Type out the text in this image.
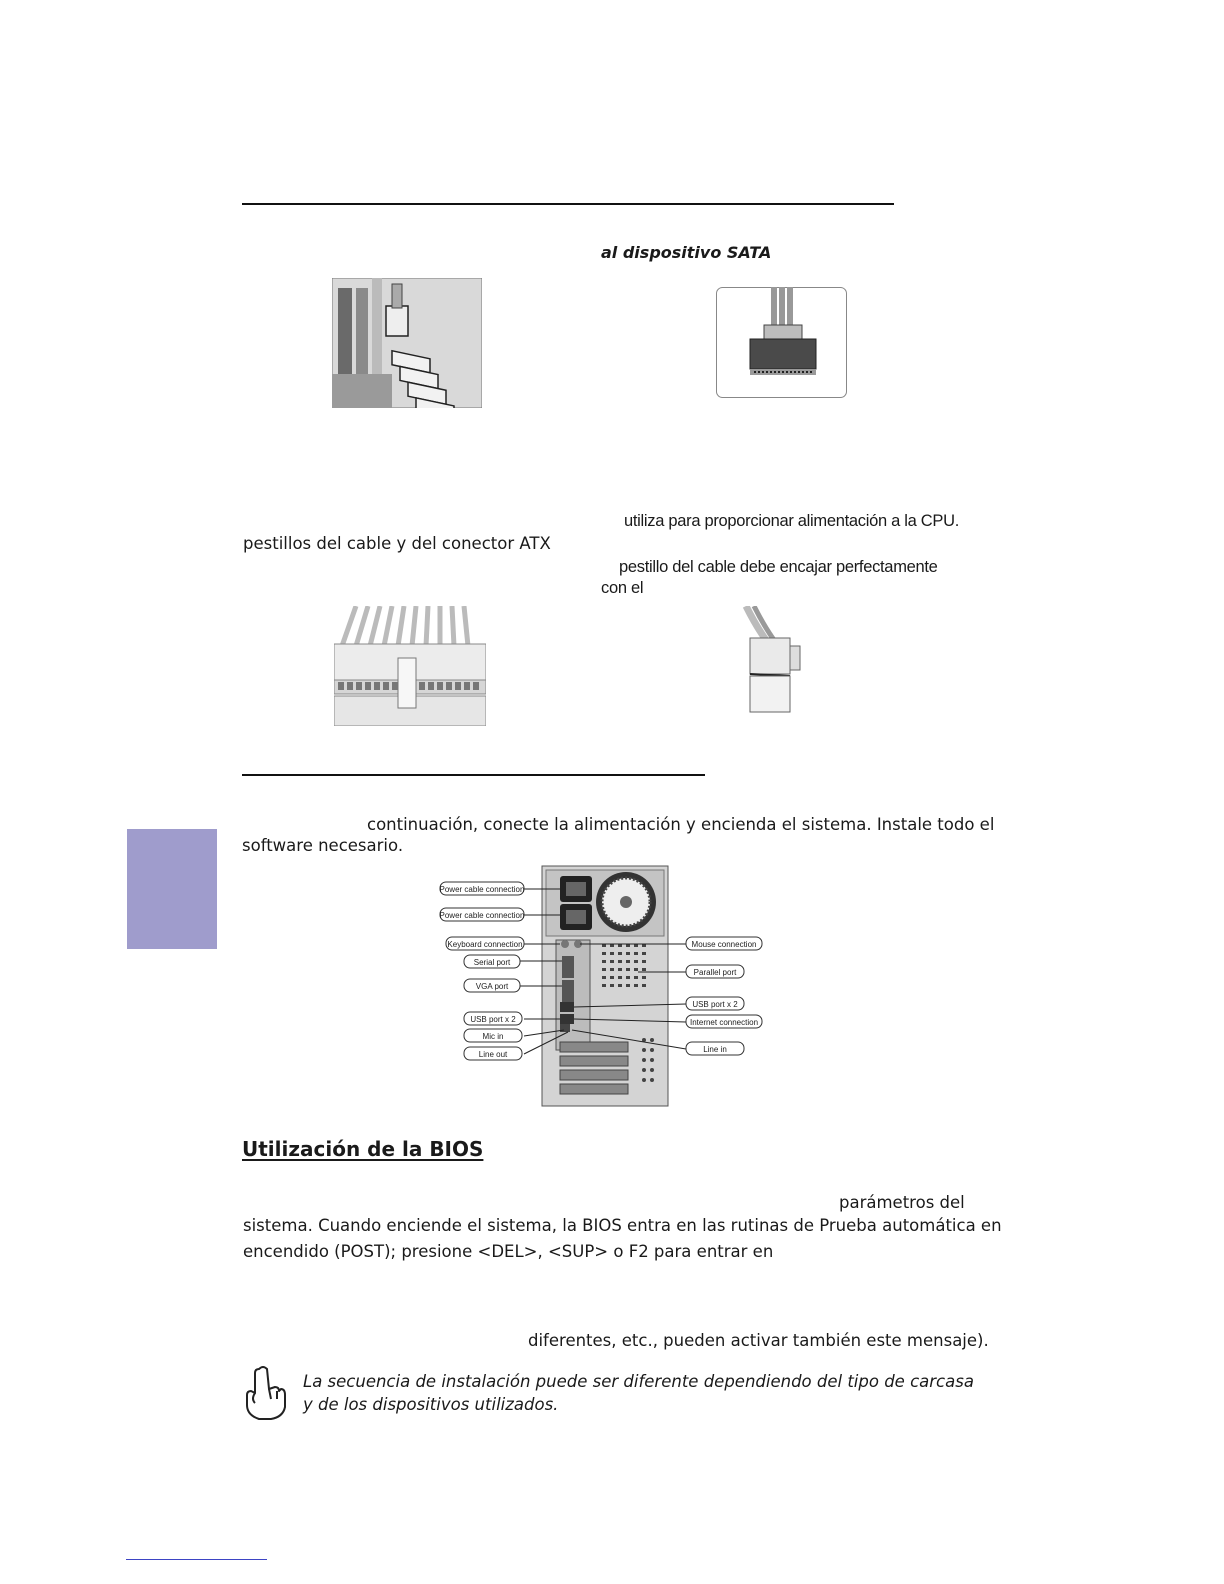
al dispositivo SATA
utiliza para proporcionar alimentación a la CPU.
pestillos del cable y del conector ATX
pestillo del cable debe encajar perfectamente
con el
continuación, conecte la alimentación y encienda el sistema. Instale todo el
software necesario.
Power cable connection
Power cable connection
Keyboard connection
Serial port
VGA port
USB port x 2
Mic in
Line out
Mouse connection
Parallel port
USB port x 2
Internet connection
Line in
Utilización de la BIOS
parámetros del
sistema. Cuando enciende el sistema, la BIOS entra en las rutinas de Prueba automática en
encendido (POST); presione <DEL>, <SUP> o F2 para entrar en
diferentes, etc., pueden activar también este mensaje).
La secuencia de instalación puede ser diferente dependiendo del tipo de carcasa
y de los dispositivos utilizados.
